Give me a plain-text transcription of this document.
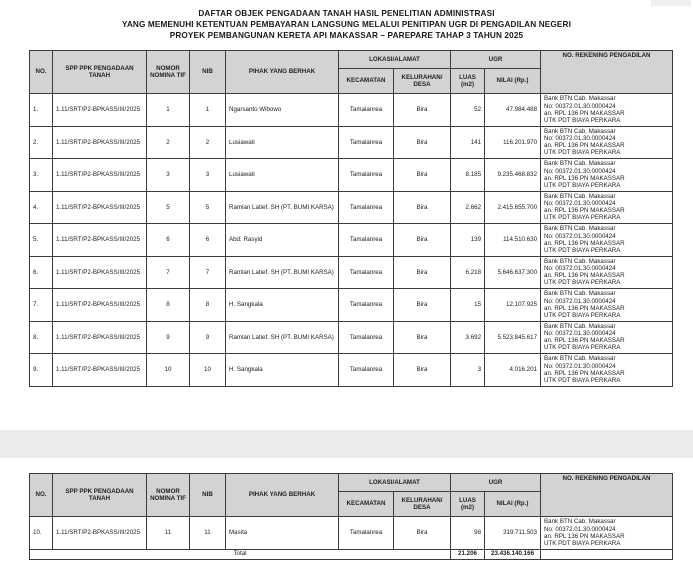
DAFTAR OBJEK PENGADAAN TANAH HASIL PENELITIAN ADMINISTRASI
YANG MEMENUHI KETENTUAN PEMBAYARAN LANGSUNG MELALUI PENITIPAN UGR DI PENGADILAN NEGERI
PROYEK PEMBANGUNAN KERETA API MAKASSAR – PAREPARE TAHAP 3 TAHUN 2025
NO.	SPP PPK PENGADAAN TANAH	NOMOR NOMINA TIF	NIB	PIHAK YANG BERHAK	LOKASI/ALAMAT		UGR		NO. REKENING PENGADILAN
					KECAMATAN	KELURAHAN/ DESA	LUAS (m2)	NILAI (Rp.)	
1.	1.11/SRT/P2-BPKASS/III/2025	1	1	Ngarsanto Wibowo	Tamalanrea	Bira	52	47.984.488	Bank BTN Cab. Makassar
No: 00372.01.30.0000424
an. RPL 136 PN MAKASSAR
UTK PDT BIAYA PERKARA

2.	1.11/SRT/P2-BPKASS/III/2025	2	2	Lusiawati	Tamalanrea	Bira	141	116.201.970	Bank BTN Cab. Makassar
No: 00372.01.30.0000424
an. RPL 136 PN MAKASSAR
UTK PDT BIAYA PERKARA

3.	1.11/SRT/P2-BPKASS/III/2025	3	3	Lusiawati	Tamalanrea	Bira	8.185	9.235.468.832	Bank BTN Cab. Makassar
No: 00372.01.30.0000424
an. RPL 136 PN MAKASSAR
UTK PDT BIAYA PERKARA

4.	1.11/SRT/P2-BPKASS/III/2025	5	5	Ramlan Latief. SH (PT. BUMI KARSA)	Tamalanrea	Bira	2.662	2.415.655.700	Bank BTN Cab. Makassar
No: 00372.01.30.0000424
an. RPL 136 PN MAKASSAR
UTK PDT BIAYA PERKARA

5.	1.11/SRT/P2-BPKASS/III/2025	6	6	Abd. Rasyid	Tamalanrea	Bira	139	114.510.630	Bank BTN Cab. Makassar
No: 00372.01.30.0000424
an. RPL 136 PN MAKASSAR
UTK PDT BIAYA PERKARA

6.	1.11/SRT/P2-BPKASS/III/2025	7	7	Ramlan Latief. SH (PT. BUMI KARSA)	Tamalanrea	Bira	6.218	5.646.637.300	Bank BTN Cab. Makassar
No: 00372.01.30.0000424
an. RPL 136 PN MAKASSAR
UTK PDT BIAYA PERKARA

7.	1.11/SRT/P2-BPKASS/III/2025	8	8	H. Sangkala	Tamalanrea	Bira	15	12.107.925	Bank BTN Cab. Makassar
No: 00372.01.30.0000424
an. RPL 136 PN MAKASSAR
UTK PDT BIAYA PERKARA

8.	1.11/SRT/P2-BPKASS/III/2025	9	9	Ramlan Latief. SH (PT. BUMI KARSA)	Tamalanrea	Bira	3.692	5.523.845.617	Bank BTN Cab. Makassar
No: 00372.01.30.0000424
an. RPL 136 PN MAKASSAR
UTK PDT BIAYA PERKARA

9.	1.11/SRT/P2-BPKASS/III/2025	10	10	H. Sangkala	Tamalanrea	Bira	3	4.016.201	Bank BTN Cab. Makassar
No: 00372.01.30.0000424
an. RPL 136 PN MAKASSAR
UTK PDT BIAYA PERKARA
NO.	SPP PPK PENGADAAN TANAH	NOMOR NOMINA TIF	NIB	PIHAK YANG BERHAK	LOKASI/ALAMAT		UGR		NO. REKENING PENGADILAN
					KECAMATAN	KELURAHAN/ DESA	LUAS (m2)	NILAI (Rp.)	
10.	1.11/SRT/P2-BPKASS/III/2025	11	11	Masita	Tamalanrea	Bira	98	319.711.503	Bank BTN Cab. Makassar
No: 00372.01.30.0000424
an. RPL 136 PN MAKASSAR
UTK PDT BIAYA PERKARA

Total							21.206	23.436.140.166	
